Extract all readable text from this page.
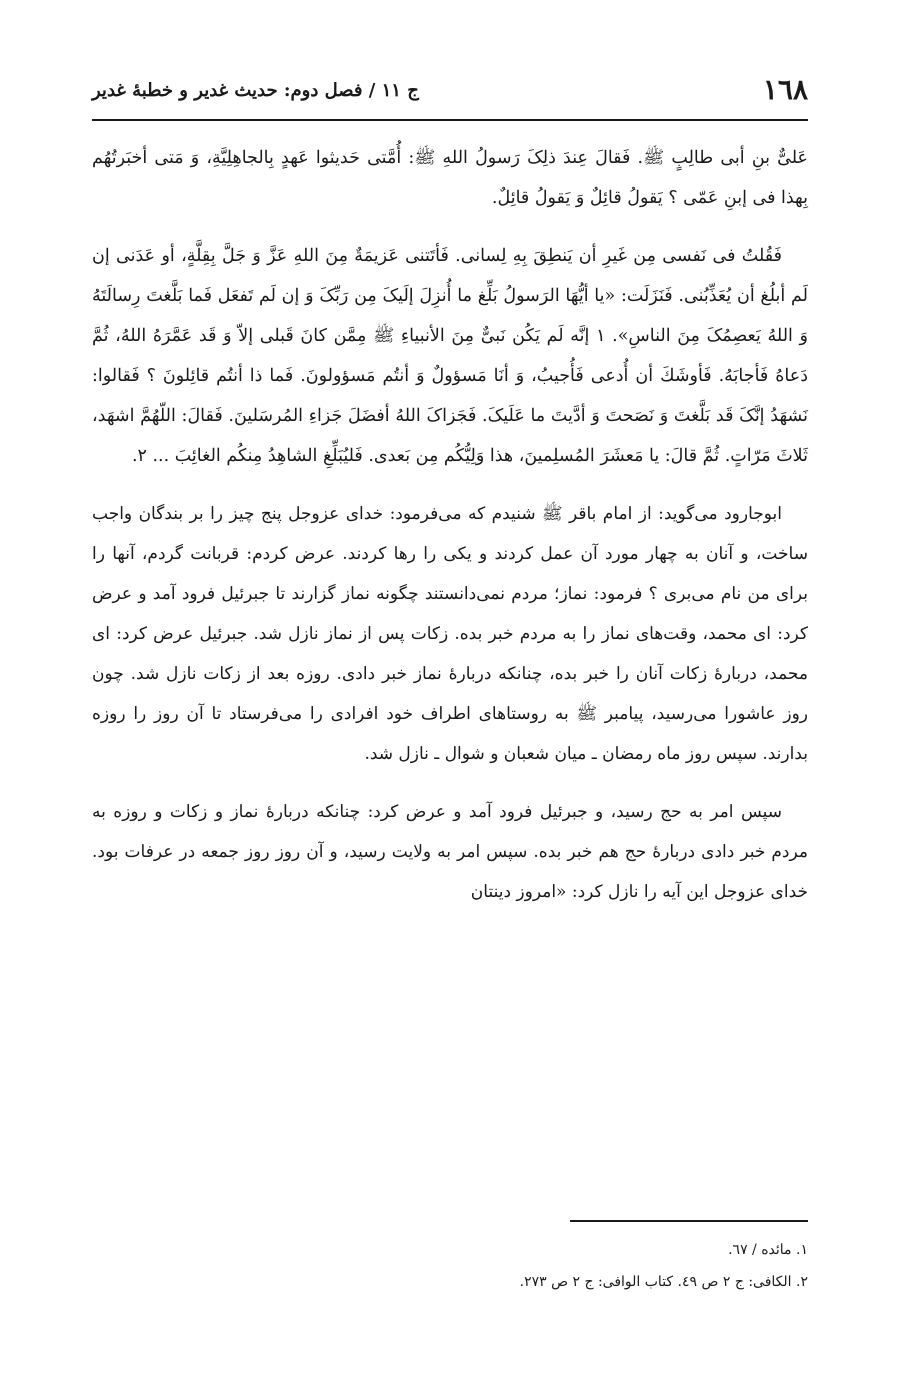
١٦٨
ج ١١ / فصل دوم: حديث غدير و خطبهٔ غدير

عَلىٌّ بنِ أبى طالِبٍ ﷺ. فَقالَ عِندَ ذلِکَ رَسولُ اللهِ ﷺ: أُمَّتى حَديثوا عَهدٍ بِالجاهِلِيَّةِ، وَ مَتى أخبَرتُهُم بِهذا فى إبنِ عَمّى ؟ يَقولُ قائِلٌ وَ يَقولُ قائِلٌ.

فَقُلتُ فى نَفسى مِن غَيرِ أن يَنطِقَ بِهِ لِسانى. فَأتَتنى عَزيمَةٌ مِنَ اللهِ عَزَّ وَ جَلَّ بِقِلَّةٍ، أو عَدَنى إن لَم أبلُغ أن يُعَذِّبُنى. فَنَزَلَت: «يا أيُّهَا الرَسولُ بَلِّغ ما أُنزِلَ إلَيکَ مِن رَبِّکَ وَ إن لَم تَفعَل فَما بَلَّغتَ رِسالَتَهُ وَ اللهُ يَعصِمُکَ مِنَ الناسِ». ١ إنَّه لَم يَكُن نَبىٌّ مِنَ الأنبياءِ ﷺ مِمَّن كانَ قَبلى إلاّ وَ قَد عَمَّرَهُ اللهُ، ثُمَّ دَعاهُ فَأجابَهُ. فَأوشَكَ أن أُدعى فَأُجيبُ، وَ أنَا مَسؤولٌ وَ أنتُم مَسؤولونَ. فَما ذا أنتُم قائِلونَ ؟ فَقالوا: نَشهَدُ إنَّکَ قَد بَلَّغتَ وَ نَصَحتَ وَ أدَّيتَ ما عَلَيکَ. فَجَزاکَ اللهُ أفضَلَ جَزاءِ المُرسَلينَ. فَقالَ: اللّهُمَّ اشهَد، ثَلاثَ مَرّاتٍ. ثُمَّ قالَ: يا مَعشَرَ المُسلِمينَ، هذا وَلِيُّكُم مِن بَعدى. فَليُبَلِّغِ الشاهِدُ مِنكُم الغائِبَ ... ٢.

ابوجارود مى‌گويد: از امام باقر ﷺ شنيدم كه مى‌فرمود: خداى عزوجل پنج چيز را بر بندگان واجب ساخت، و آنان به چهار مورد آن عمل كردند و يكى را رها كردند. عرض كردم: قربانت گردم، آنها را براى من نام مى‌برى ؟ فرمود: نماز؛ مردم نمى‌دانستند چگونه نماز گزارند تا جبرئيل فرود آمد و عرض كرد: اى محمد، وقت‌هاى نماز را به مردم خبر بده. زكات پس از نماز نازل شد. جبرئيل عرض كرد: اى محمد، دربارهٔ زكات آنان را خبر بده، چنانكه دربارهٔ نماز خبر دادى. روزه بعد از زكات نازل شد. چون روز عاشورا مى‌رسيد، پيامبر ﷺ به روستاهاى اطراف خود افرادى را مى‌فرستاد تا آن روز را روزه بدارند. سپس روز ماه رمضان ـ ميان شعبان و شوال ـ نازل شد.

سپس امر به حج رسيد، و جبرئيل فرود آمد و عرض كرد: چنانكه دربارهٔ نماز و زكات و روزه به مردم خبر دادى دربارهٔ حج هم خبر بده. سپس امر به ولايت رسيد، و آن روز روز جمعه در عرفات بود. خداى عزوجل اين آيه را نازل كرد: «امروز دينتان

١. مائده / ٦٧.

٢. الكافى: ج ٢ ص ٤٩. كتاب الوافى: ج ٢ ص ٢٧٣.
